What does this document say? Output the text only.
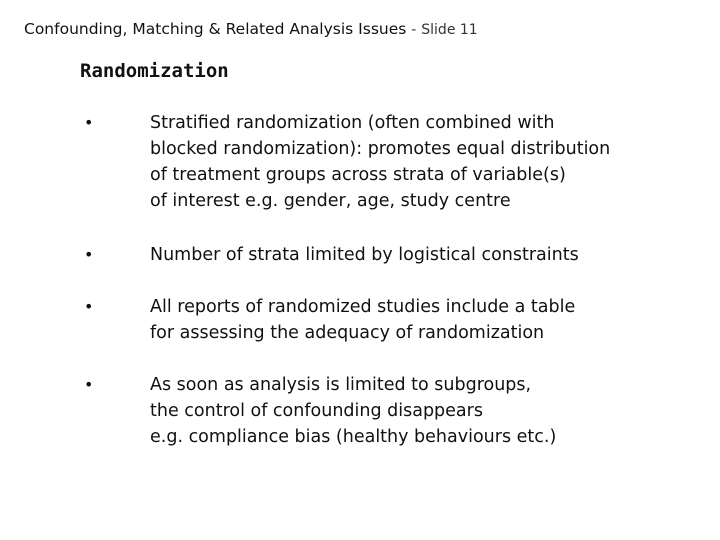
Confounding, Matching & Related Analysis Issues - Slide 11
Randomization
•	Stratified randomization (often combined with
blocked randomization): promotes equal distribution
of treatment groups across strata of variable(s)
of interest e.g. gender, age, study centre
•	Number of strata limited by logistical constraints
•	All reports of randomized studies include a table
for assessing the adequacy of randomization
•	As soon as analysis is limited to subgroups,
the control of confounding disappears
e.g. compliance bias (healthy behaviours etc.)
